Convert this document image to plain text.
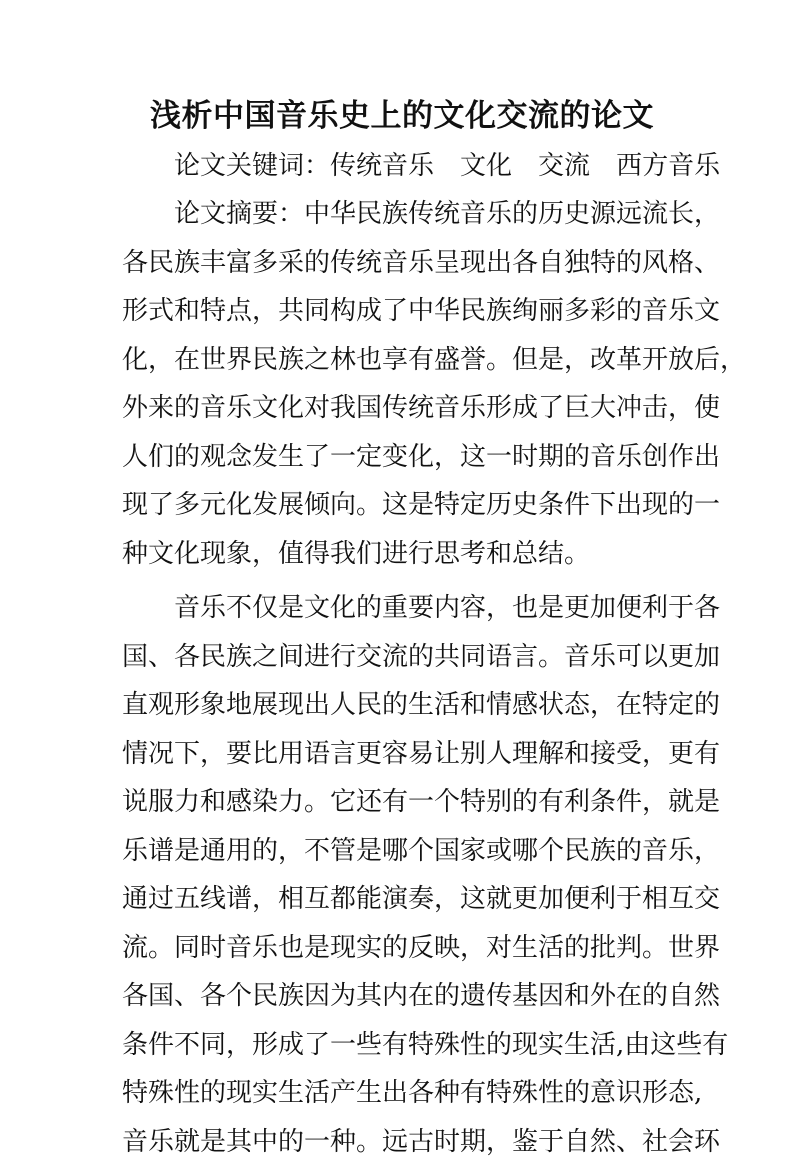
浅析中国音乐史上的文化交流的论文

论文关键词：传统音乐 文化 交流 西方音乐

论文摘要：中华民族传统音乐的历史源远流长，
各民族丰富多采的传统音乐呈现出各自独特的风格、
形式和特点，共同构成了中华民族绚丽多彩的音乐文
化，在世界民族之林也享有盛誉。但是，改革开放后，
外来的音乐文化对我国传统音乐形成了巨大冲击，使
人们的观念发生了一定变化，这一时期的音乐创作出
现了多元化发展倾向。这是特定历史条件下出现的一
种文化现象，值得我们进行思考和总结。
音乐不仅是文化的重要内容，也是更加便利于各
国、各民族之间进行交流的共同语言。音乐可以更加
直观形象地展现出人民的生活和情感状态，在特定的
情况下，要比用语言更容易让别人理解和接受，更有
说服力和感染力。它还有一个特别的有利条件，就是
乐谱是通用的，不管是哪个国家或哪个民族的音乐，
通过五线谱，相互都能演奏，这就更加便利于相互交
流。同时音乐也是现实的反映，对生活的批判。世界
各国、各个民族因为其内在的遗传基因和外在的自然
条件不同，形成了一些有特殊性的现实生活,由这些有
特殊性的现实生活产生出各种有特殊性的意识形态,
音乐就是其中的一种。远古时期，鉴于自然、社会环
